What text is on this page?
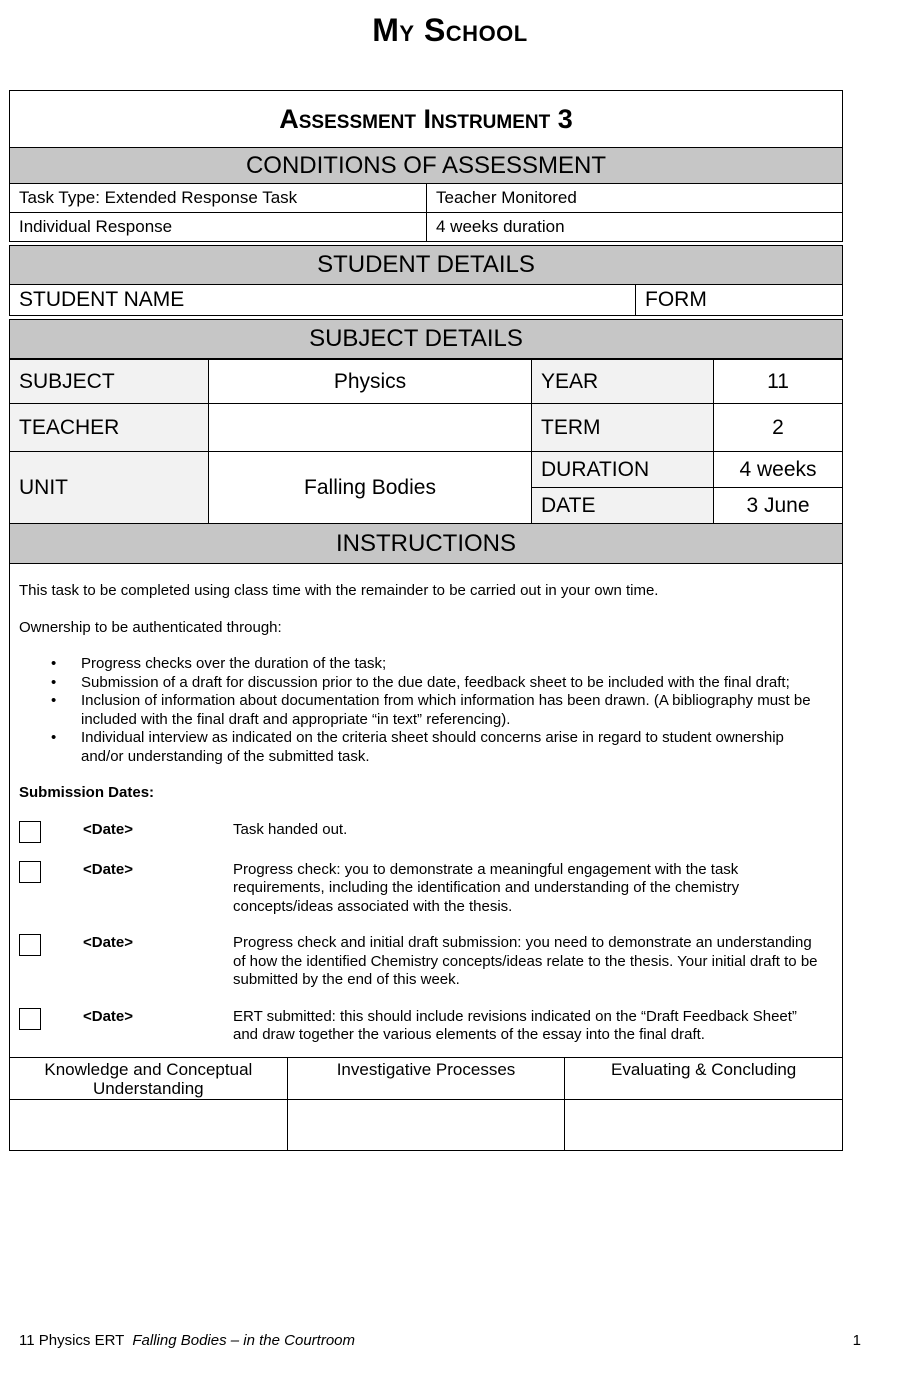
My School
Assessment Instrument 3
CONDITIONS OF ASSESSMENT
Task Type: Extended Response Task	Teacher Monitored
Individual Response	4 weeks duration
STUDENT DETAILS
STUDENT NAME	FORM
SUBJECT DETAILS
SUBJECT	Physics	YEAR	11
TEACHER		TERM	2
UNIT	Falling Bodies	DURATION	4 weeks
		DATE	3 June
INSTRUCTIONS

This task to be completed using class time with the remainder to be carried out in your own time.

Ownership to be authenticated through:

• Progress checks over the duration of the task;
• Submission of a draft for discussion prior to the due date, feedback sheet to be included with the final draft;
• Inclusion of information about documentation from which information has been drawn. (A bibliography must be included with the final draft and appropriate “in text” referencing).
• Individual interview as indicated on the criteria sheet should concerns arise in regard to student ownership and/or understanding of the submitted task.
Submission Dates:
<Date>	Task handed out.
<Date>	Progress check: you to demonstrate a meaningful engagement with the task requirements, including the identification and understanding of the chemistry concepts/ideas associated with the thesis.
<Date>	Progress check and initial draft submission: you need to demonstrate an understanding of how the identified Chemistry concepts/ideas relate to the thesis. Your initial draft to be submitted by the end of this week.
<Date>	ERT submitted: this should include revisions indicated on the “Draft Feedback Sheet” and draw together the various elements of the essay into the final draft.
Knowledge and Conceptual Understanding	Investigative Processes	Evaluating & Concluding

11 Physics ERT  Falling Bodies – in the Courtroom	1
